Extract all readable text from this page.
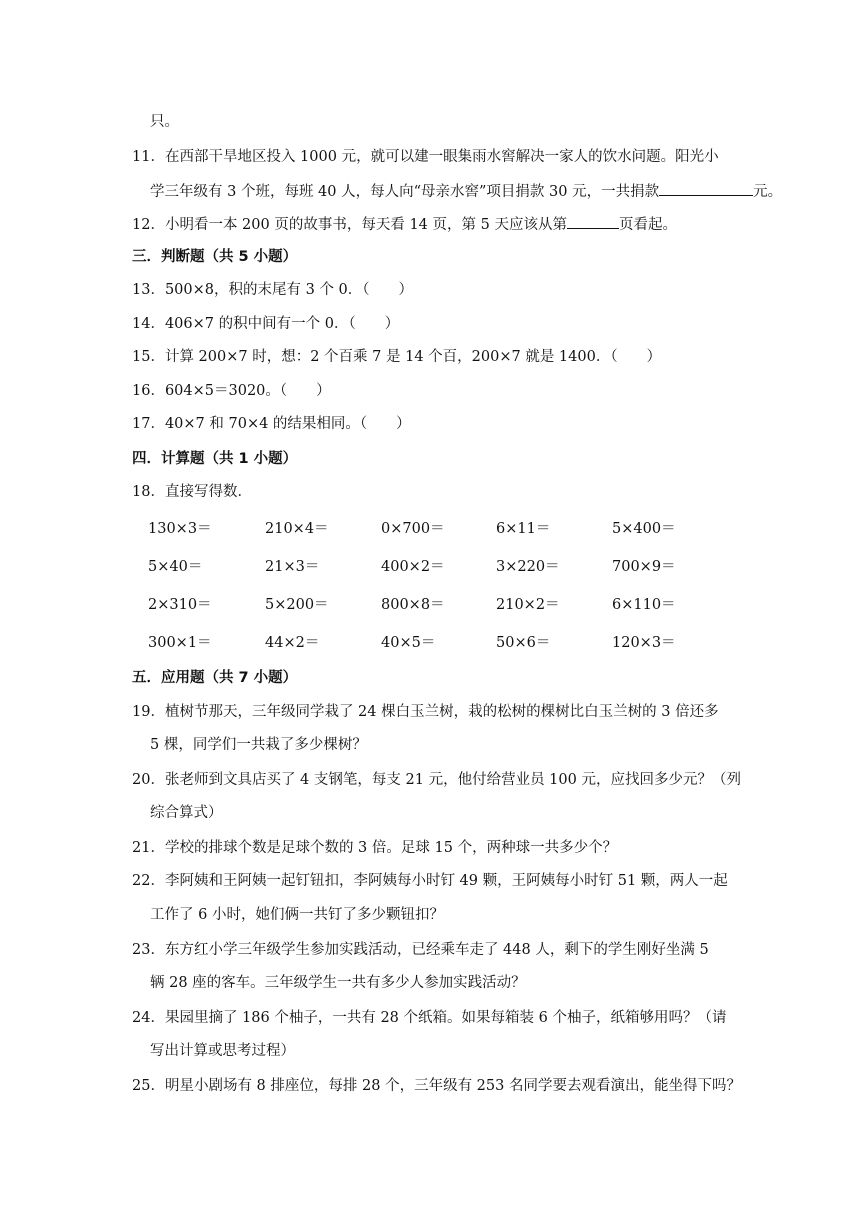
只。
11．在西部干旱地区投入 1000 元，就可以建一眼集雨水窖解决一家人的饮水问题。阳光小
学三年级有 3 个班，每班 40 人，每人向“母亲水窖”项目捐款 30 元，一共捐款	元。
12．小明看一本 200 页的故事书，每天看 14 页，第 5 天应该从第	页看起。
三．判断题（共 5 小题）
13．500×8，积的末尾有 3 个 0．（　　）
14．406×7 的积中间有一个 0．（　　）
15．计算 200×7 时，想：2 个百乘 7 是 14 个百，200×7 就是 1400．（　　）
16．604×5＝3020。（　　）
17．40×7 和 70×4 的结果相同。（　　）
四．计算题（共 1 小题）
18．直接写得数．
130×3＝	210×4＝	0×700＝	6×11＝	5×400＝
5×40＝	21×3＝	400×2＝	3×220＝	700×9＝
2×310＝	5×200＝	800×8＝	210×2＝	6×110＝
300×1＝	44×2＝	40×5＝	50×6＝	120×3＝
五．应用题（共 7 小题）
19．植树节那天，三年级同学栽了 24 棵白玉兰树，栽的松树的棵树比白玉兰树的 3 倍还多
5 棵，同学们一共栽了多少棵树？
20．张老师到文具店买了 4 支钢笔，每支 21 元，他付给营业员 100 元，应找回多少元？（列
综合算式）
21．学校的排球个数是足球个数的 3 倍。足球 15 个，两种球一共多少个？
22．李阿姨和王阿姨一起钉钮扣，李阿姨每小时钉 49 颗，王阿姨每小时钉 51 颗，两人一起
工作了 6 小时，她们俩一共钉了多少颗钮扣？
23．东方红小学三年级学生参加实践活动，已经乘车走了 448 人，剩下的学生刚好坐满 5
辆 28 座的客车。三年级学生一共有多少人参加实践活动？
24．果园里摘了 186 个柚子，一共有 28 个纸箱。如果每箱装 6 个柚子，纸箱够用吗？（请
写出计算或思考过程）
25．明星小剧场有 8 排座位，每排 28 个，三年级有 253 名同学要去观看演出，能坐得下吗？
